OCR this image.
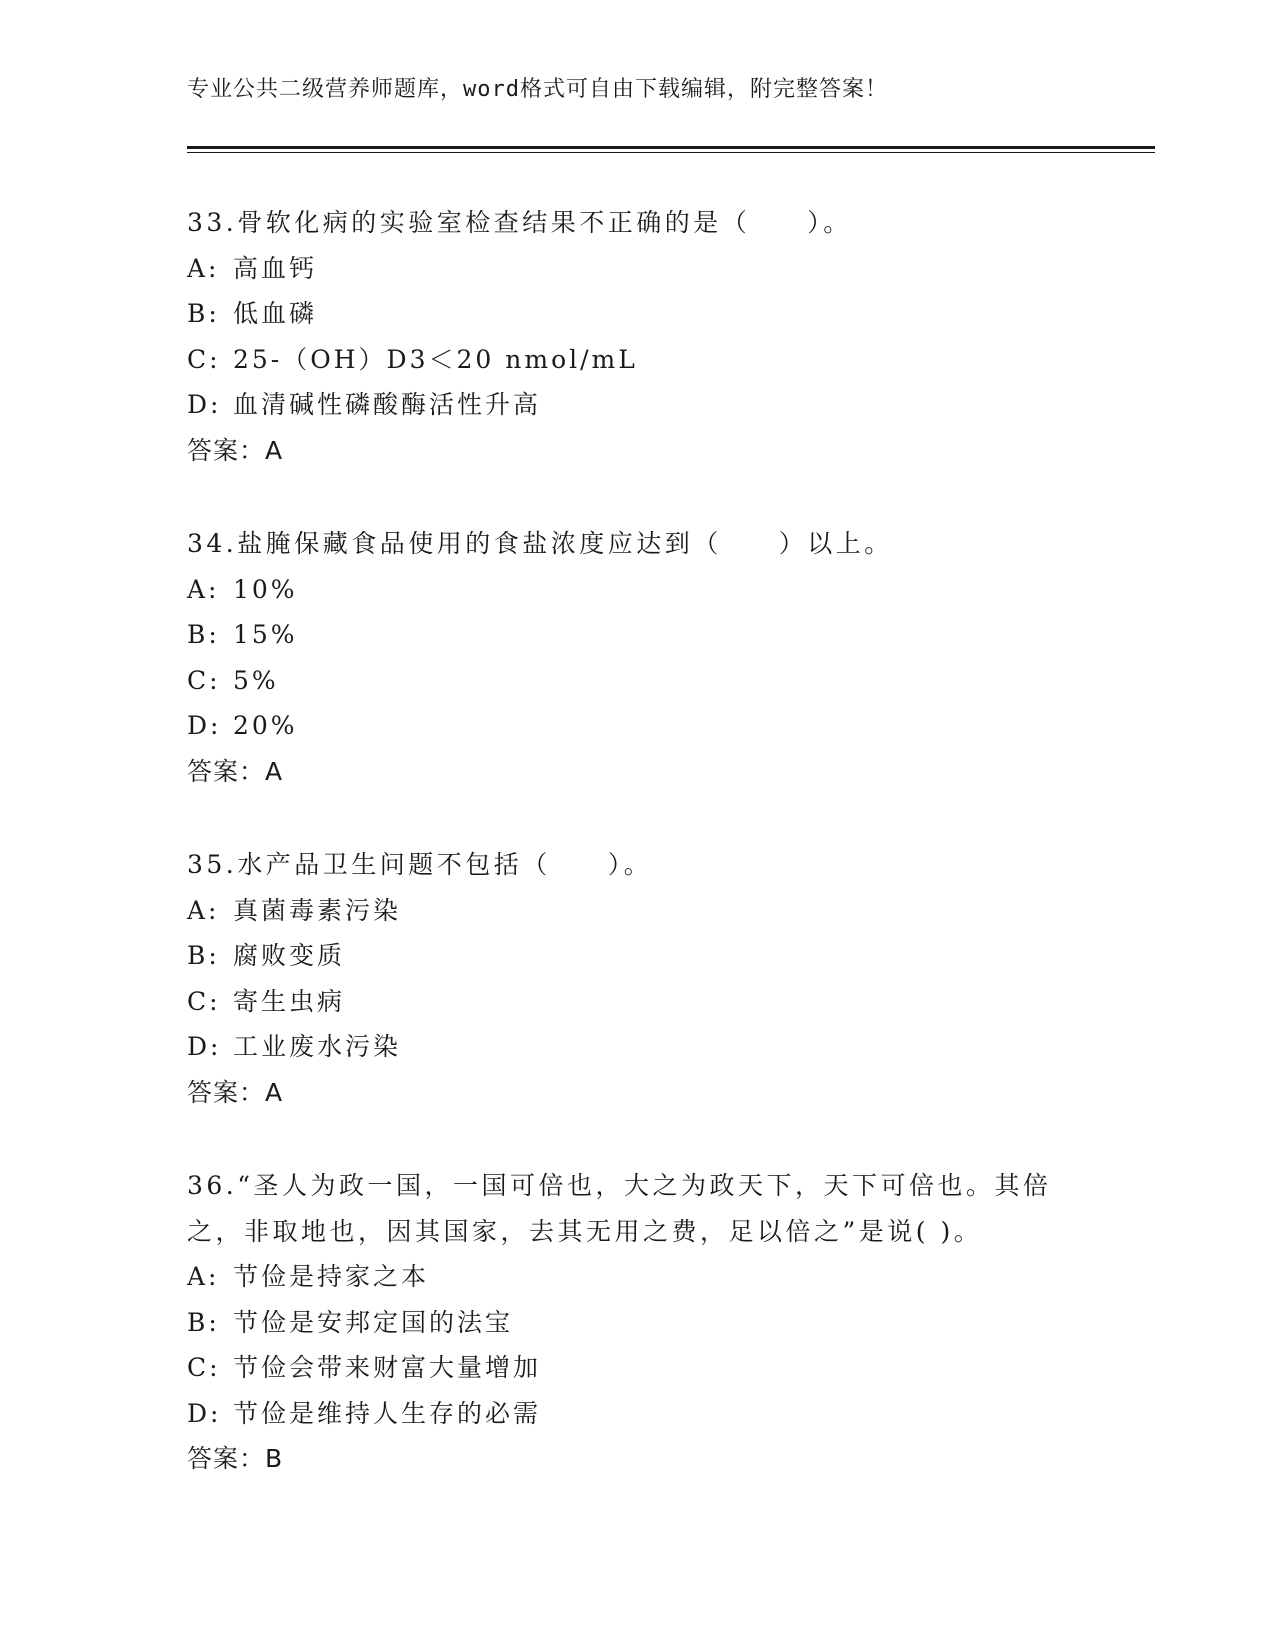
专业公共二级营养师题库，word格式可自由下载编辑，附完整答案！
33.骨软化病的实验室检查结果不正确的是（　　）。
A: 高血钙
B: 低血磷
C: 25-（OH）D3＜20 nmol/mL
D: 血清碱性磷酸酶活性升高
答案：A
34.盐腌保藏食品使用的食盐浓度应达到（　　）以上。
A: 10%
B: 15%
C: 5%
D: 20%
答案：A
35.水产品卫生问题不包括（　　）。
A: 真菌毒素污染
B: 腐败变质
C: 寄生虫病
D: 工业废水污染
答案：A
36.“圣人为政一国，一国可倍也，大之为政天下，天下可倍也。其倍
之，非取地也，因其国家，去其无用之费，足以倍之”是说( )。
A: 节俭是持家之本
B: 节俭是安邦定国的法宝
C: 节俭会带来财富大量增加
D: 节俭是维持人生存的必需
答案：B
